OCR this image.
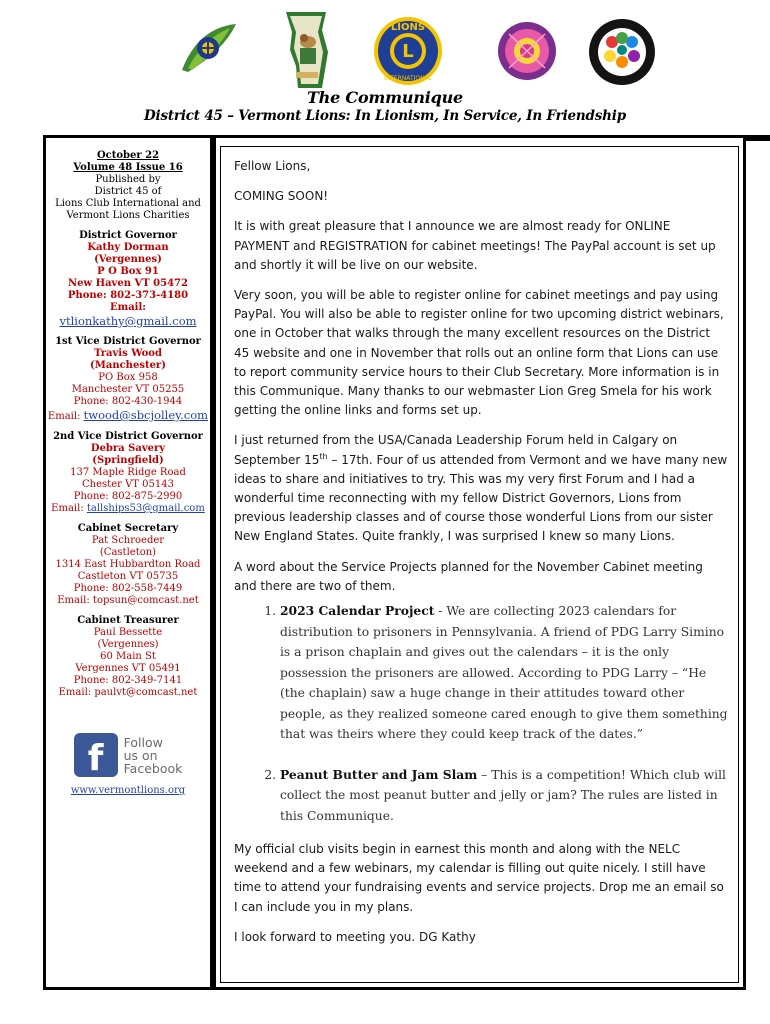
L
LIONS
INTERNATIONAL
The Communique
District 45 – Vermont Lions: In Lionism, In Service, In Friendship
October 22
Volume 48 Issue 16
Published by
District 45 of
Lions Club International and
Vermont Lions Charities
District Governor
Kathy Dorman
(Vergennes)
P O Box 91
New Haven VT 05472
Phone: 802-373-4180
Email:
vtlionkathy@gmail.com
1st Vice District Governor
Travis Wood
(Manchester)
PO Box 958
Manchester VT 05255
Phone: 802-430-1944
Email: twood@sbcjolley.com
2nd Vice District Governor
Debra Savery
(Springfield)
137 Maple Ridge Road
Chester VT 05143
Phone: 802-875-2990
Email: tallships53@gmail.com
Cabinet Secretary
Pat Schroeder
(Castleton)
1314 East Hubbardton Road
Castleton VT 05735
Phone: 802-558-7449
Email: topsun@comcast.net
Cabinet Treasurer
Paul Bessette
(Vergennes)
60 Main St
Vergennes VT 05491
Phone: 802-349-7141
Email: paulvt@comcast.net
f	Follow
us on
Facebook
www.vermontlions.org

Fellow Lions,

COMING SOON!

It is with great pleasure that I announce we are almost ready for ONLINE PAYMENT and REGISTRATION for cabinet meetings! The PayPal account is set up and shortly it will be live on our website.

Very soon, you will be able to register online for cabinet meetings and pay using PayPal. You will also be able to register online for two upcoming district webinars, one in October that walks through the many excellent resources on the District 45 website and one in November that rolls out an online form that Lions can use to report community service hours to their Club Secretary. More information is in this Communique. Many thanks to our webmaster Lion Greg Smela for his work getting the online links and forms set up.

I just returned from the USA/Canada Leadership Forum held in Calgary on September 15th – 17th. Four of us attended from Vermont and we have many new ideas to share and initiatives to try. This was my very first Forum and I had a wonderful time reconnecting with my fellow District Governors, Lions from previous leadership classes and of course those wonderful Lions from our sister New England States. Quite frankly, I was surprised I knew so many Lions.

A word about the Service Projects planned for the November Cabinet meeting and there are two of them.

1. 2023 Calendar Project - We are collecting 2023 calendars for distribution to prisoners in Pennsylvania. A friend of PDG Larry Simino is a prison chaplain and gives out the calendars – it is the only possession the prisoners are allowed. According to PDG Larry – “He (the chaplain) saw a huge change in their attitudes toward other people, as they realized someone cared enough to give them something that was theirs where they could keep track of the dates.”
2. Peanut Butter and Jam Slam – This is a competition! Which club will collect the most peanut butter and jelly or jam? The rules are listed in this Communique.

My official club visits begin in earnest this month and along with the NELC weekend and a few webinars, my calendar is filling out quite nicely. I still have time to attend your fundraising events and service projects. Drop me an email so I can include you in my plans.

I look forward to meeting you. DG Kathy
